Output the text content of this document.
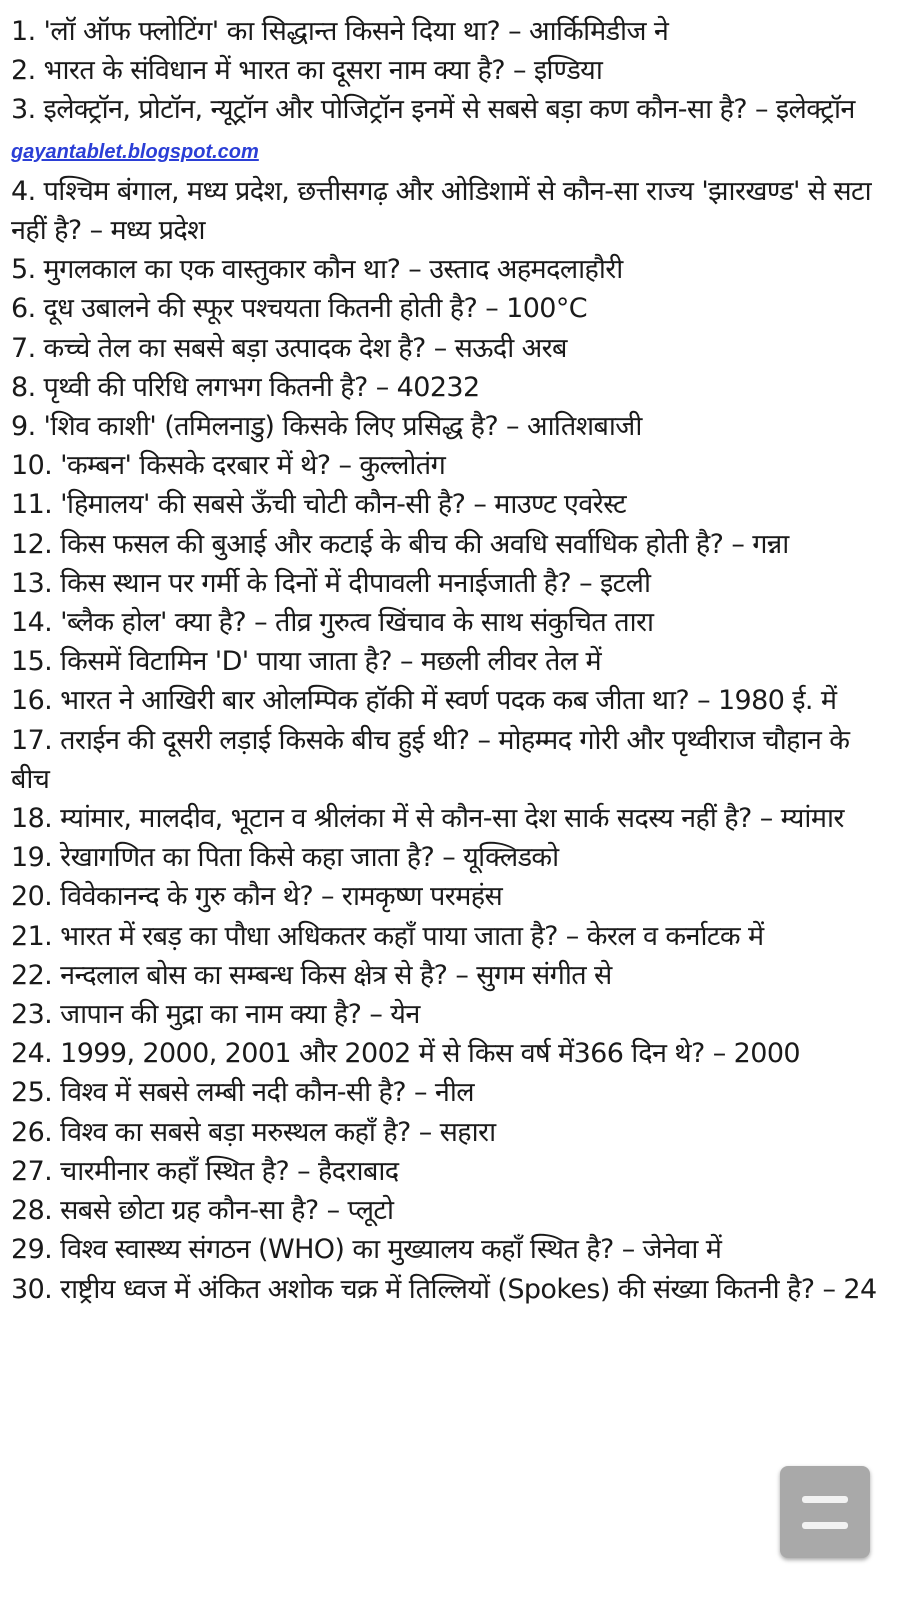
1. 'लॉ ऑफ फ्लोटिंग' का सिद्धान्त किसने दिया था? – आर्किमिडीज ने
2. भारत के संविधान में भारत का दूसरा नाम क्या है? – इण्डिया
3. इलेक्ट्रॉन, प्रोटॉन, न्यूट्रॉन और पोजिट्रॉन इनमें से सबसे बड़ा कण कौन-सा है? – इलेक्ट्रॉन gayantablet.blogspot.com
4. पश्चिम बंगाल, मध्य प्रदेश, छत्तीसगढ़ और ओडिशामें से कौन-सा राज्य 'झारखण्ड' से सटा नहीं है? – मध्य प्रदेश
5. मुगलकाल का एक वास्तुकार कौन था? – उस्ताद अहमदलाहौरी
6. दूध उबालने की स्फूर पश्चयता कितनी होती है? – 100°C
7. कच्चे तेल का सबसे बड़ा उत्पादक देश है? – सऊदी अरब
8. पृथ्वी की परिधि लगभग कितनी है? – 40232
9. 'शिव काशी' (तमिलनाडु) किसके लिए प्रसिद्ध है? – आतिशबाजी
10. 'कम्बन' किसके दरबार में थे? – कुल्लोतंग
11. 'हिमालय' की सबसे ऊँची चोटी कौन-सी है? – माउण्ट एवरेस्ट
12. किस फसल की बुआई और कटाई के बीच की अवधि सर्वाधिक होती है? – गन्ना
13. किस स्थान पर गर्मी के दिनों में दीपावली मनाईजाती है? – इटली
14. 'ब्लैक होल' क्या है? – तीव्र गुरुत्व खिंचाव के साथ संकुचित तारा
15. किसमें विटामिन 'D' पाया जाता है? – मछली लीवर तेल में
16. भारत ने आखिरी बार ओलम्पिक हॉकी में स्वर्ण पदक कब जीता था? – 1980 ई. में
17. तराईन की दूसरी लड़ाई किसके बीच हुई थी? – मोहम्मद गोरी और पृथ्वीराज चौहान के बीच
18. म्यांमार, मालदीव, भूटान व श्रीलंका में से कौन-सा देश सार्क सदस्य नहीं है? – म्यांमार
19. रेखागणित का पिता किसे कहा जाता है? – यूक्लिडको
20. विवेकानन्द के गुरु कौन थे? – रामकृष्ण परमहंस
21. भारत में रबड़ का पौधा अधिकतर कहाँ पाया जाता है? – केरल व कर्नाटक में
22. नन्दलाल बोस का सम्बन्ध किस क्षेत्र से है? – सुगम संगीत से
23. जापान की मुद्रा का नाम क्या है? – येन
24. 1999, 2000, 2001 और 2002 में से किस वर्ष में366 दिन थे? – 2000
25. विश्व में सबसे लम्बी नदी कौन-सी है? – नील
26. विश्व का सबसे बड़ा मरुस्थल कहाँ है? – सहारा
27. चारमीनार कहाँ स्थित है? – हैदराबाद
28. सबसे छोटा ग्रह कौन-सा है? – प्लूटो
29. विश्व स्वास्थ्य संगठन (WHO) का मुख्यालय कहाँ स्थित है? – जेनेवा में
30. राष्ट्रीय ध्वज में अंकित अशोक चक्र में तिल्लियों (Spokes) की संख्या कितनी है? – 24
